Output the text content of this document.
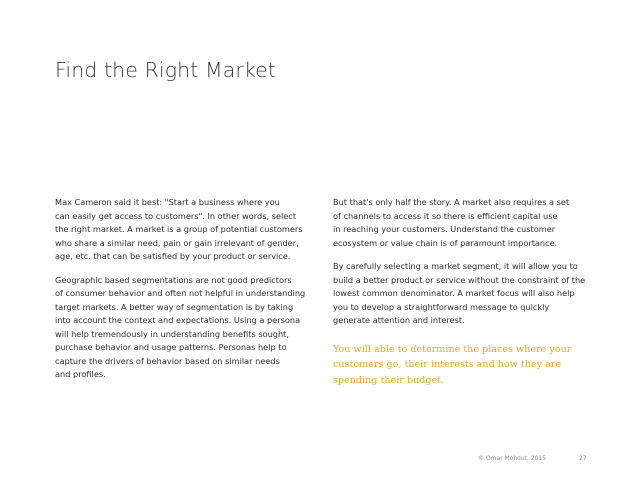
Find the Right Market

Max Cameron said it best: "Start a business where you
can easily get access to customers". In other words, select
the right market. A market is a group of potential customers
who share a similar need, pain or gain irrelevant of gender,
age, etc. that can be satisfied by your product or service.

Geographic based segmentations are not good predictors
of consumer behavior and often not helpful in understanding
target markets. A better way of segmentation is by taking
into account the context and expectations. Using a persona
will help tremendously in understanding benefits sought,
purchase behavior and usage patterns. Personas help to
capture the drivers of behavior based on similar needs
and profiles.

But that's only half the story. A market also requires a set
of channels to access it so there is efficient capital use
in reaching your customers. Understand the customer
ecosystem or value chain is of paramount importance.

By carefully selecting a market segment, it will allow you to
build a better product or service without the constraint of the
lowest common denominator. A market focus will also help
you to develop a straightforward message to quickly
generate attention and interest.

You will able to determine the places where your
customers go, their interests and how they are
spending their budget.

© Omar Mohout, 2015	27
